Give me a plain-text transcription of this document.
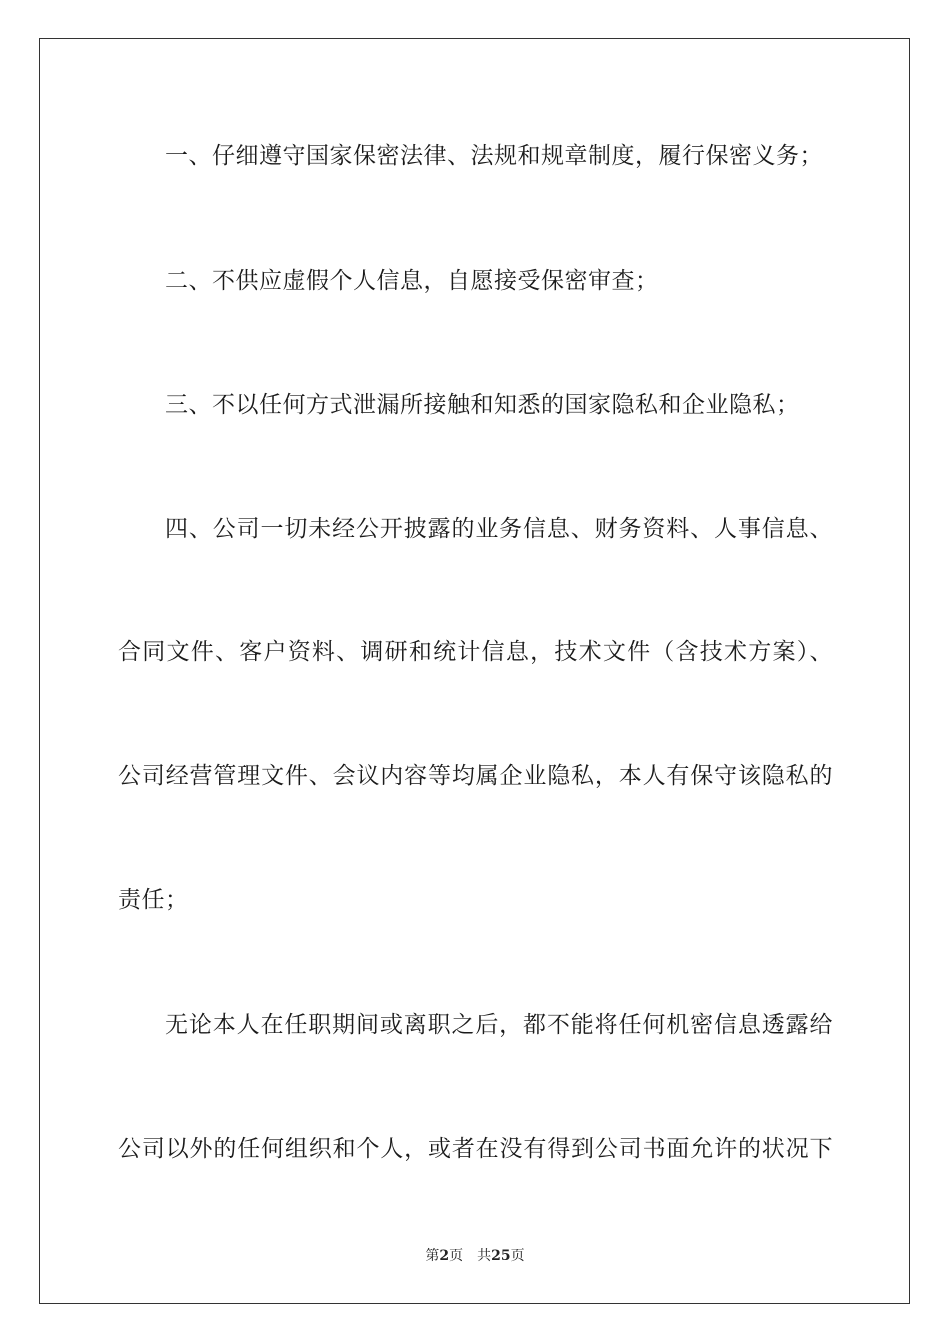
一、仔细遵守国家保密法律、法规和规章制度，履行保密义务；
二、不供应虚假个人信息，自愿接受保密审查；
三、不以任何方式泄漏所接触和知悉的国家隐私和企业隐私；
四、公司一切未经公开披露的业务信息、财务资料、人事信息、
合同文件、客户资料、调研和统计信息，技术文件（含技术方案）、
公司经营管理文件、会议内容等均属企业隐私，本人有保守该隐私的
责任；
无论本人在任职期间或离职之后，都不能将任何机密信息透露给
公司以外的任何组织和个人，或者在没有得到公司书面允许的状况下
第2页 共25页
